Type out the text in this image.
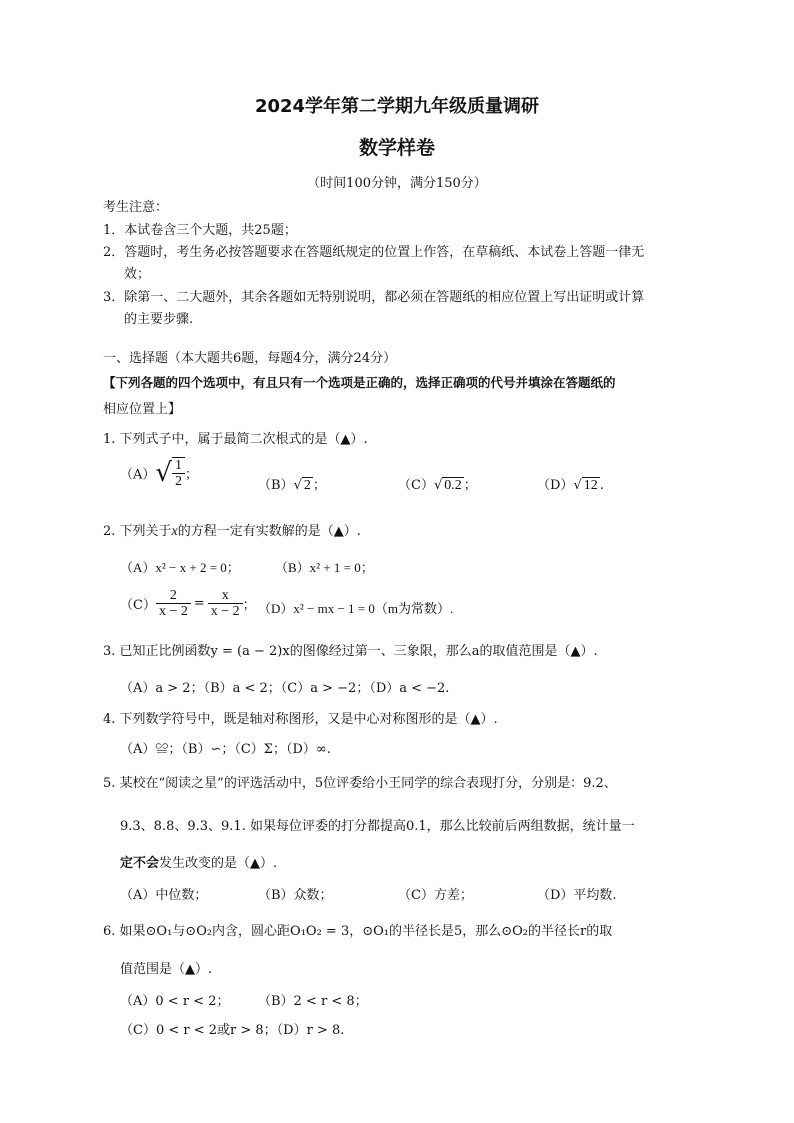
2024学年第二学期九年级质量调研
数学样卷
（时间100分钟，满分150分）
考生注意：
1．本试卷含三个大题，共25题；
2．答题时，考生务必按答题要求在答题纸规定的位置上作答，在草稿纸、本试卷上答题一律无
效；
3．除第一、二大题外，其余各题如无特别说明，都必须在答题纸的相应位置上写出证明或计算
的主要步骤.
一、选择题（本大题共6题，每题4分，满分24分）
【下列各题的四个选项中，有且只有一个选项是正确的，选择正确项的代号并填涂在答题纸的
相应位置上】
1. 下列式子中，属于最简二次根式的是（▲）.
$(A)√ \frac{1}{2}$ ；
（B）√ 2 ；	（C）√ 0.2 ；	（D）√ 12 .
2. 下列关于x的方程一定有实数解的是（▲）.
（A）x² − x + 2 = 0；	（B）x² + 1 = 0；
$(C) \frac{2}{x - 2} = \frac{x}{x - 2}$ ； （D）x² − mx − 1 = 0（m为常数）.
3. 已知正比例函数y = (a − 2)x的图像经过第一、三象限，那么a的取值范围是（▲）.
（A）a > 2；（B）a < 2；（C）a > −2；（D）a < −2.
4. 下列数学符号中，既是轴对称图形，又是中心对称图形的是（▲）.
（A）≌；（B）∽；（C）Σ；（D）∞.
5. 某校在“阅读之星”的评选活动中，5位评委给小王同学的综合表现打分，分别是：9.2、
9.3、8.8、9.3、9.1. 如果每位评委的打分都提高0.1，那么比较前后两组数据，统计量一
定不会发生改变的是（▲）.
（A）中位数；	（B）众数；	（C）方差；	（D）平均数.
6. 如果⊙O₁与⊙O₂内含，圆心距O₁O₂ = 3，⊙O₁的半径长是5，那么⊙O₂的半径长r的取
值范围是（▲）.
（A）0 < r < 2； （B）2 < r < 8；
（C）0 < r < 2或r > 8；（D）r > 8.
